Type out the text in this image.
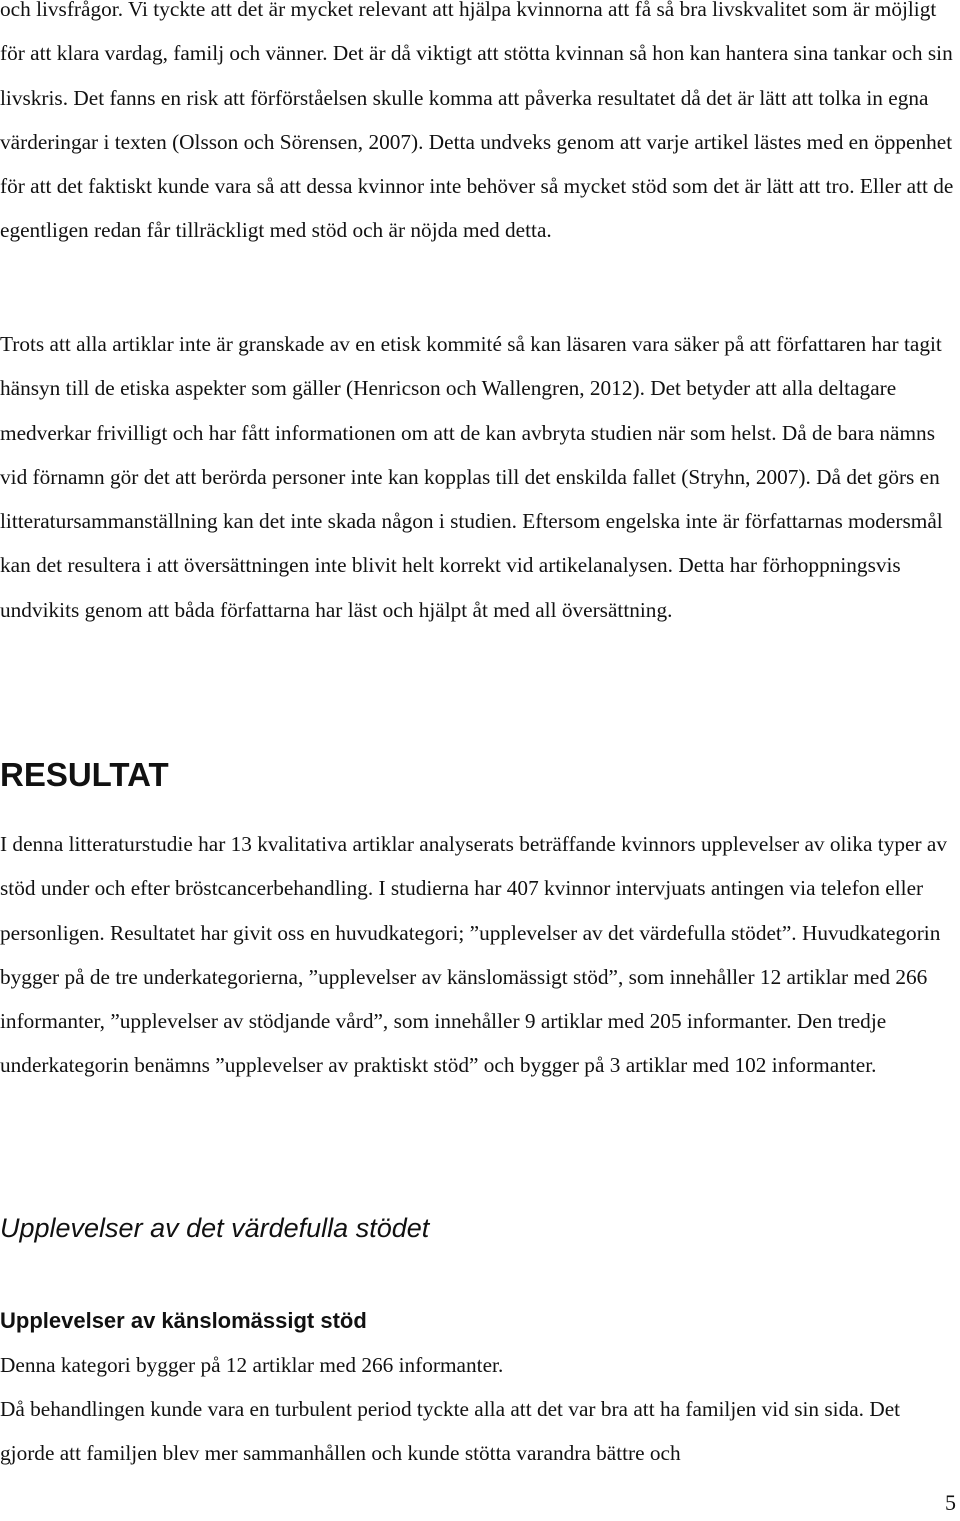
och livsfrågor. Vi tyckte att det är mycket relevant att hjälpa kvinnorna att få så bra livskvalitet som är möjligt för att klara vardag, familj och vänner. Det är då viktigt att stötta kvinnan så hon kan hantera sina tankar och sin livskris. Det fanns en risk att förförståelsen skulle komma att påverka resultatet då det är lätt att tolka in egna värderingar i texten (Olsson och Sörensen, 2007). Detta undveks genom att varje artikel lästes med en öppenhet för att det faktiskt kunde vara så att dessa kvinnor inte behöver så mycket stöd som det är lätt att tro. Eller att de egentligen redan får tillräckligt med stöd och är nöjda med detta.

Trots att alla artiklar inte är granskade av en etisk kommité så kan läsaren vara säker på att författaren har tagit hänsyn till de etiska aspekter som gäller (Henricson och Wallengren, 2012). Det betyder att alla deltagare medverkar frivilligt och har fått informationen om att de kan avbryta studien när som helst. Då de bara nämns vid förnamn gör det att berörda personer inte kan kopplas till det enskilda fallet (Stryhn, 2007). Då det görs en litteratursammanställning kan det inte skada någon i studien. Eftersom engelska inte är författarnas modersmål kan det resultera i att översättningen inte blivit helt korrekt vid artikelanalysen. Detta har förhoppningsvis undvikits genom att båda författarna har läst och hjälpt åt med all översättning.

RESULTAT

I denna litteraturstudie har 13 kvalitativa artiklar analyserats beträffande kvinnors upplevelser av olika typer av stöd under och efter bröstcancerbehandling. I studierna har 407 kvinnor intervjuats antingen via telefon eller personligen. Resultatet har givit oss en huvudkategori; ”upplevelser av det värdefulla stödet”. Huvudkategorin bygger på de tre underkategorierna, ”upplevelser av känslomässigt stöd”, som innehåller 12 artiklar med 266 informanter, ”upplevelser av stödjande vård”, som innehåller 9 artiklar med 205 informanter. Den tredje underkategorin benämns ”upplevelser av praktiskt stöd” och bygger på 3 artiklar med 102 informanter.

Upplevelser av det värdefulla stödet
Upplevelser av känslomässigt stöd

Denna kategori bygger på 12 artiklar med 266 informanter.

Då behandlingen kunde vara en turbulent period tyckte alla att det var bra att ha familjen vid sin sida. Det gjorde att familjen blev mer sammanhållen och kunde stötta varandra bättre och

5
